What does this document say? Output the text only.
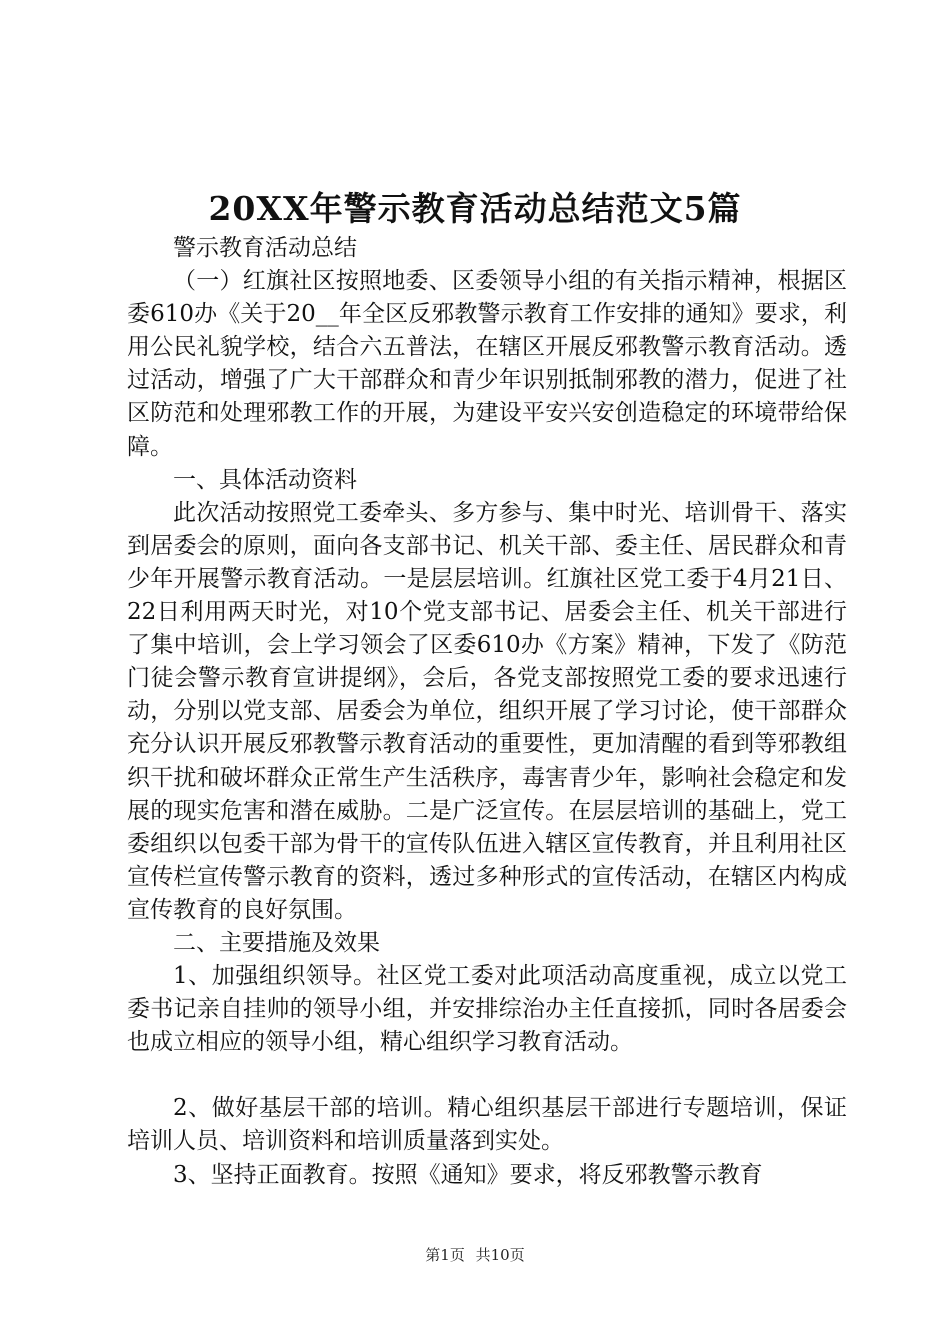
20XX年警示教育活动总结范文5篇

警示教育活动总结

（一）红旗社区按照地委、区委领导小组的有关指示精神，根据区委610办《关于20__年全区反邪教警示教育工作安排的通知》要求，利用公民礼貌学校，结合六五普法，在辖区开展反邪教警示教育活动。透过活动，增强了广大干部群众和青少年识别抵制邪教的潜力，促进了社区防范和处理邪教工作的开展，为建设平安兴安创造稳定的环境带给保障。

一、具体活动资料

此次活动按照党工委牵头、多方参与、集中时光、培训骨干、落实到居委会的原则，面向各支部书记、机关干部、委主任、居民群众和青少年开展警示教育活动。一是层层培训。红旗社区党工委于4月21日、22日利用两天时光，对10个党支部书记、居委会主任、机关干部进行了集中培训，会上学习领会了区委610办《方案》精神，下发了《防范门徒会警示教育宣讲提纲》，会后，各党支部按照党工委的要求迅速行动，分别以党支部、居委会为单位，组织开展了学习讨论，使干部群众充分认识开展反邪教警示教育活动的重要性，更加清醒的看到等邪教组织干扰和破坏群众正常生产生活秩序，毒害青少年，影响社会稳定和发展的现实危害和潜在威胁。二是广泛宣传。在层层培训的基础上，党工委组织以包委干部为骨干的宣传队伍进入辖区宣传教育，并且利用社区宣传栏宣传警示教育的资料，透过多种形式的宣传活动，在辖区内构成宣传教育的良好氛围。

二、主要措施及效果

1、加强组织领导。社区党工委对此项活动高度重视，成立以党工委书记亲自挂帅的领导小组，并安排综治办主任直接抓，同时各居委会也成立相应的领导小组，精心组织学习教育活动。

2、做好基层干部的培训。精心组织基层干部进行专题培训，保证培训人员、培训资料和培训质量落到实处。

3、坚持正面教育。按照《通知》要求，将反邪教警示教育

第1页 共10页
